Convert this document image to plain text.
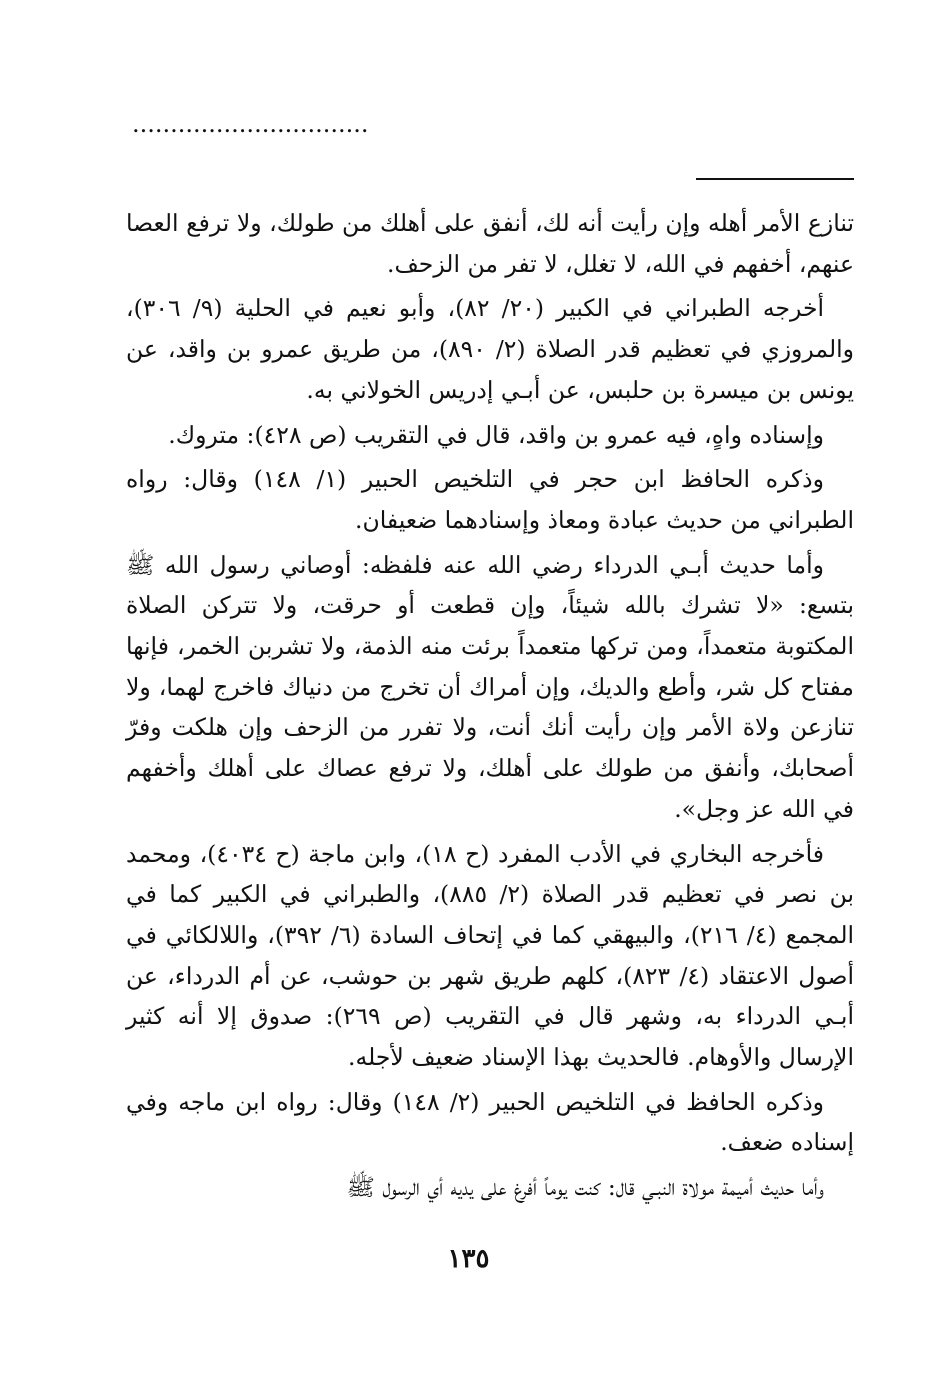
...............................

تنازع الأمر أهله وإن رأيت أنه لك، أنفق على أهلك من طولك، ولا ترفع العصا عنهم، أخفهم في الله، لا تغلل، لا تفر من الزحف.

أخرجه الطبراني في الكبير (٢٠/ ٨٢)، وأبو نعيم في الحلية (٩/ ٣٠٦)، والمروزي في تعظيم قدر الصلاة (٢/ ٨٩٠)، من طريق عمرو بن واقد، عن يونس بن ميسرة بن حلبس، عن أبـي إدريس الخولاني به.

وإسناده واهٍ، فيه عمرو بن واقد، قال في التقريب (ص ٤٢٨): متروك.

وذكره الحافظ ابن حجر في التلخيص الحبير (١/ ١٤٨) وقال: رواه الطبراني من حديث عبادة ومعاذ وإسنادهما ضعيفان.

وأما حديث أبـي الدرداء رضي الله عنه فلفظه: أوصاني رسول الله ﷺ بتسع: «لا تشرك بالله شيئاً، وإن قطعت أو حرقت، ولا تتركن الصلاة المكتوبة متعمداً، ومن تركها متعمداً برئت منه الذمة، ولا تشربن الخمر، فإنها مفتاح كل شر، وأطع والديك، وإن أمراك أن تخرج من دنياك فاخرج لهما، ولا تنازعن ولاة الأمر وإن رأيت أنك أنت، ولا تفرر من الزحف وإن هلكت وفرّ أصحابك، وأنفق من طولك على أهلك، ولا ترفع عصاك على أهلك وأخفهم في الله عز وجل».

فأخرجه البخاري في الأدب المفرد (ح ١٨)، وابن ماجة (ح ٤٠٣٤)، ومحمد بن نصر في تعظيم قدر الصلاة (٢/ ٨٨٥)، والطبراني في الكبير كما في المجمع (٤/ ٢١٦)، والبيهقي كما في إتحاف السادة (٦/ ٣٩٢)، واللالكائي في أصول الاعتقاد (٤/ ٨٢٣)، كلهم طريق شهر بن حوشب، عن أم الدرداء، عن أبـي الدرداء به، وشهر قال في التقريب (ص ٢٦٩): صدوق إلا أنه كثير الإرسال والأوهام. فالحديث بهذا الإسناد ضعيف لأجله.

وذكره الحافظ في التلخيص الحبير (٢/ ١٤٨) وقال: رواه ابن ماجه وفي إسناده ضعف.

وأما حديث أميمة مولاة النبـي قال: كنت يوماً أفرغ على يديه أي الرسول ﷺ

١٣٥
